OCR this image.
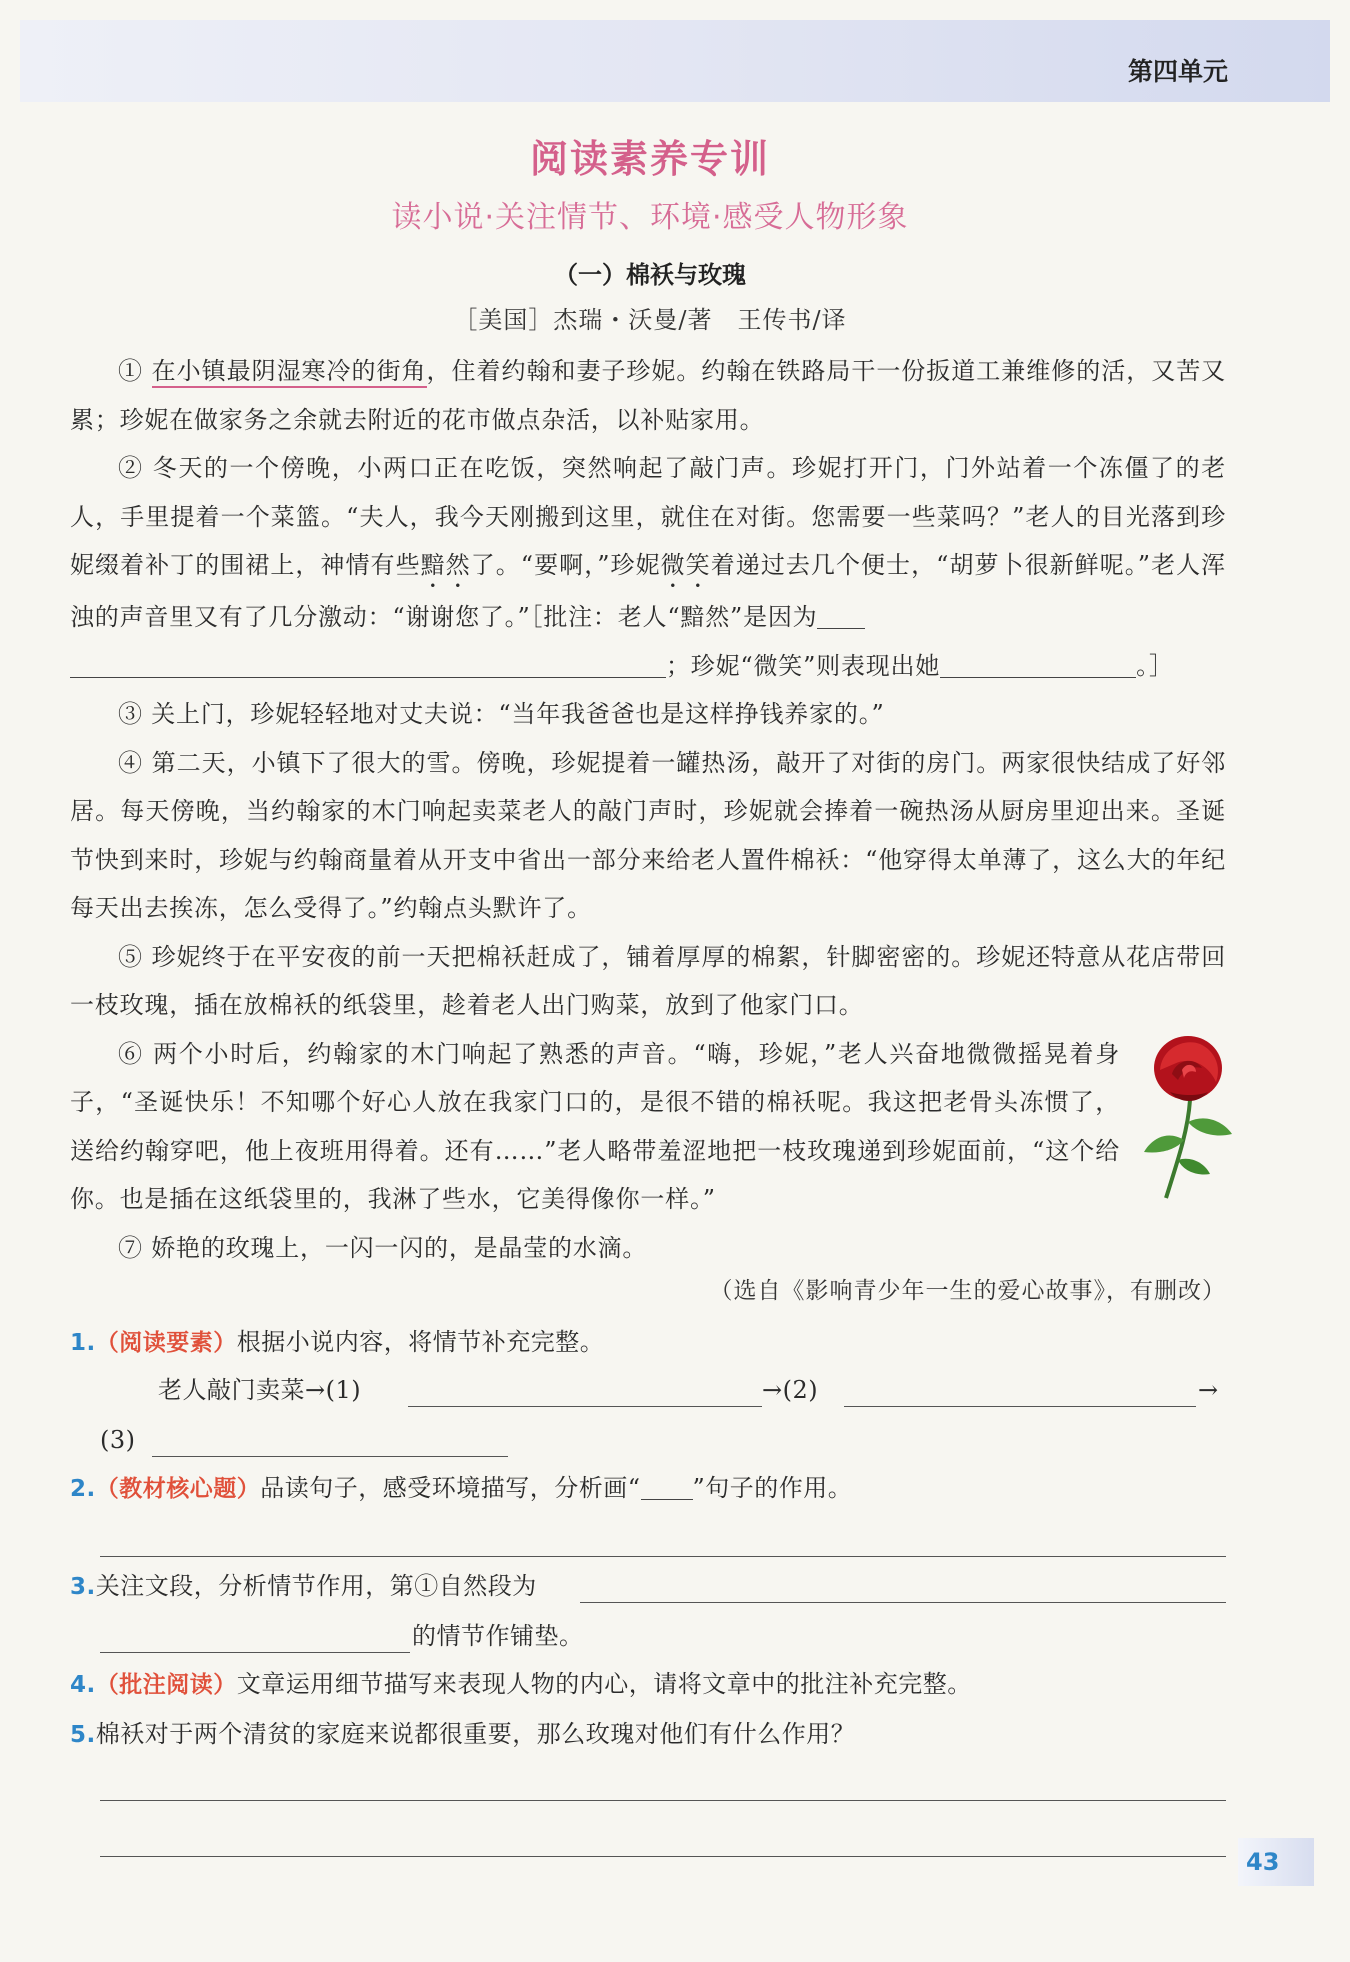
第四单元
阅读素养专训
读小说·关注情节、环境·感受人物形象
（一）棉袄与玫瑰
［美国］杰瑞・沃曼/著　王传书/译

① 在小镇最阴湿寒冷的街角，住着约翰和妻子珍妮。约翰在铁路局干一份扳道工兼维修的活，又苦又累；珍妮在做家务之余就去附近的花市做点杂活，以补贴家用。

② 冬天的一个傍晚，小两口正在吃饭，突然响起了敲门声。珍妮打开门，门外站着一个冻僵了的老人，手里提着一个菜篮。“夫人，我今天刚搬到这里，就住在对街。您需要一些菜吗？”老人的目光落到珍妮缀着补丁的围裙上，神情有些黯然了。“要啊，”珍妮微笑着递过去几个便士，“胡萝卜很新鲜呢。”老人浑浊的声音里又有了几分激动：“谢谢您了。”［批注：老人“黯然”是因为
；珍妮“微笑”则表现出她	。］

③ 关上门，珍妮轻轻地对丈夫说：“当年我爸爸也是这样挣钱养家的。”

④ 第二天，小镇下了很大的雪。傍晚，珍妮提着一罐热汤，敲开了对街的房门。两家很快结成了好邻居。每天傍晚，当约翰家的木门响起卖菜老人的敲门声时，珍妮就会捧着一碗热汤从厨房里迎出来。圣诞节快到来时，珍妮与约翰商量着从开支中省出一部分来给老人置件棉袄：“他穿得太单薄了，这么大的年纪每天出去挨冻，怎么受得了。”约翰点头默许了。

⑤ 珍妮终于在平安夜的前一天把棉袄赶成了，铺着厚厚的棉絮，针脚密密的。珍妮还特意从花店带回一枝玫瑰，插在放棉袄的纸袋里，趁着老人出门购菜，放到了他家门口。

⑥ 两个小时后，约翰家的木门响起了熟悉的声音。“嗨，珍妮，”老人兴奋地微微摇晃着身子，“圣诞快乐！不知哪个好心人放在我家门口的，是很不错的棉袄呢。我这把老骨头冻惯了，送给约翰穿吧，他上夜班用得着。还有……”老人略带羞涩地把一枝玫瑰递到珍妮面前，“这个给你。也是插在这纸袋里的，我淋了些水，它美得像你一样。”

⑦ 娇艳的玫瑰上，一闪一闪的，是晶莹的水滴。

（选自《影响青少年一生的爱心故事》，有删改）
1.（阅读要素）根据小说内容，将情节补充完整。
老人敲门卖菜→(1)	→(2)	→
(3)
2.（教材核心题）品读句子，感受环境描写，分析画“ ”句子的作用。
3.关注文段，分析情节作用，第①自然段为
的情节作铺垫。
4.（批注阅读）文章运用细节描写来表现人物的内心，请将文章中的批注补充完整。
5.棉袄对于两个清贫的家庭来说都很重要，那么玫瑰对他们有什么作用？
43
